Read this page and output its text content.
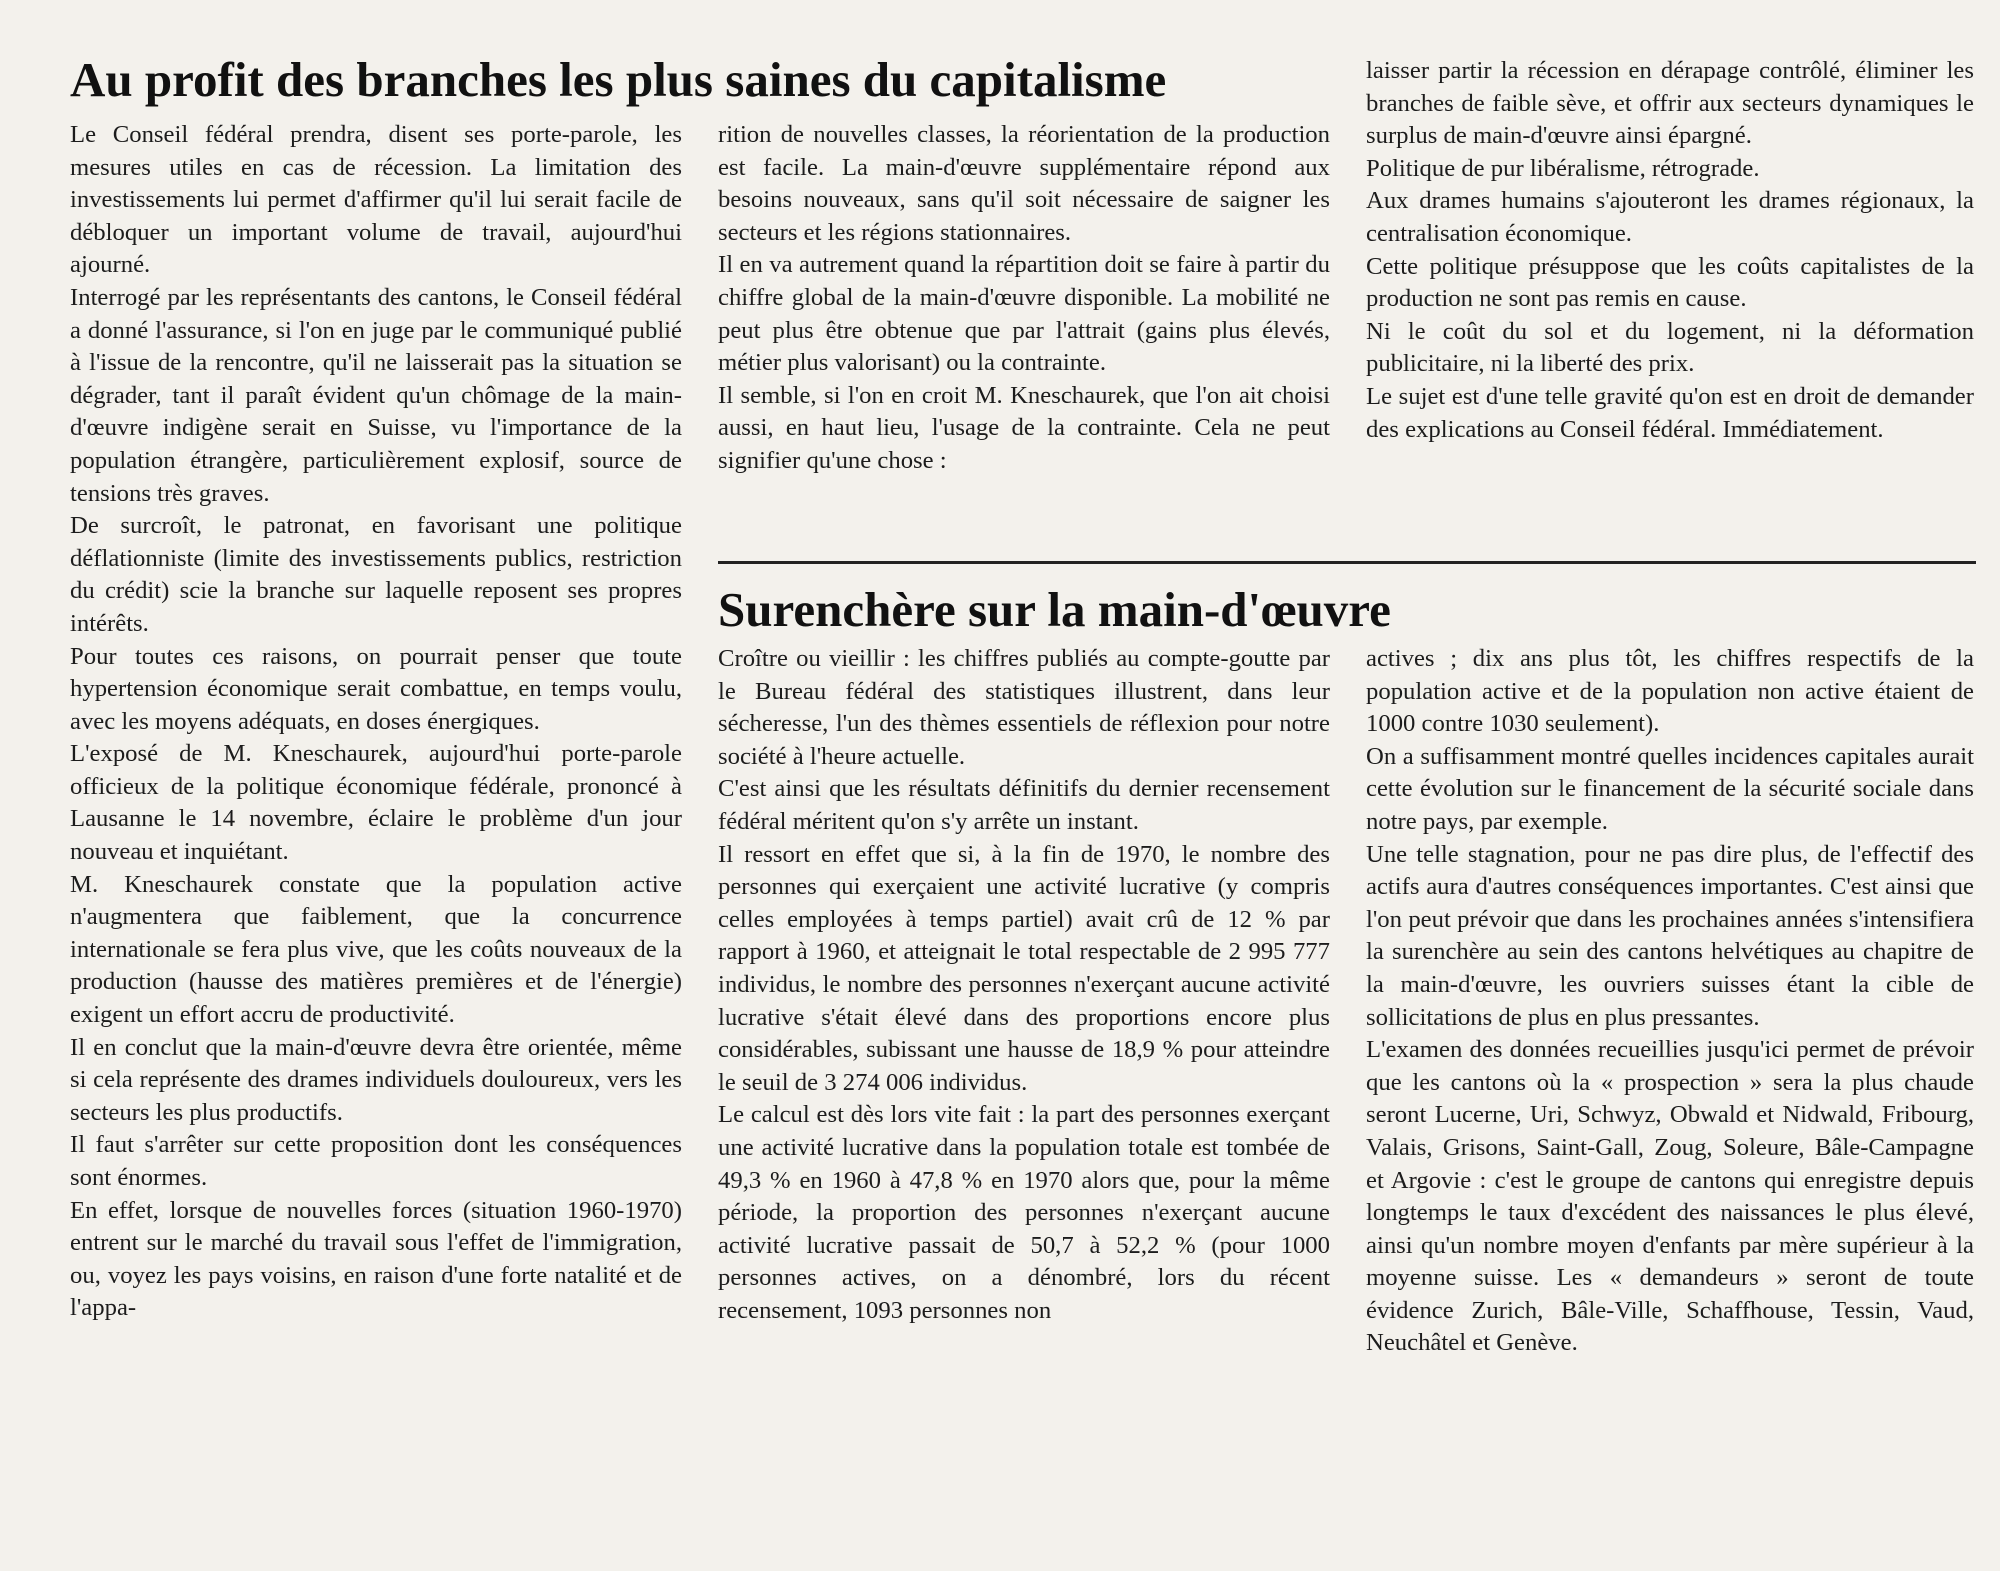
Au profit des branches les plus saines du capitalisme

Le Conseil fédéral prendra, disent ses porte-parole, les mesures utiles en cas de récession. La limitation des investissements lui permet d'affirmer qu'il lui serait facile de débloquer un important volume de travail, aujourd'hui ajourné.

Interrogé par les représentants des cantons, le Conseil fédéral a donné l'assurance, si l'on en juge par le communiqué publié à l'issue de la rencontre, qu'il ne laisserait pas la situation se dégrader, tant il paraît évident qu'un chômage de la main-d'œuvre indigène serait en Suisse, vu l'importance de la population étrangère, particulièrement explosif, source de tensions très graves.

De surcroît, le patronat, en favorisant une politique déflationniste (limite des investissements publics, restriction du crédit) scie la branche sur laquelle reposent ses propres intérêts.

Pour toutes ces raisons, on pourrait penser que toute hypertension économique serait combattue, en temps voulu, avec les moyens adéquats, en doses énergiques.

L'exposé de M. Kneschaurek, aujourd'hui porte-parole officieux de la politique économique fédérale, prononcé à Lausanne le 14 novembre, éclaire le problème d'un jour nouveau et inquiétant.

M. Kneschaurek constate que la population active n'augmentera que faiblement, que la concurrence internationale se fera plus vive, que les coûts nouveaux de la production (hausse des matières premières et de l'énergie) exigent un effort accru de productivité.

Il en conclut que la main-d'œuvre devra être orientée, même si cela représente des drames individuels douloureux, vers les secteurs les plus productifs.

Il faut s'arrêter sur cette proposition dont les conséquences sont énormes.

En effet, lorsque de nouvelles forces (situation 1960-1970) entrent sur le marché du travail sous l'effet de l'immigration, ou, voyez les pays voisins, en raison d'une forte natalité et de l'appa-

rition de nouvelles classes, la réorientation de la production est facile. La main-d'œuvre supplémentaire répond aux besoins nouveaux, sans qu'il soit nécessaire de saigner les secteurs et les régions stationnaires.

Il en va autrement quand la répartition doit se faire à partir du chiffre global de la main-d'œuvre disponible. La mobilité ne peut plus être obtenue que par l'attrait (gains plus élevés, métier plus valorisant) ou la contrainte.

Il semble, si l'on en croit M. Kneschaurek, que l'on ait choisi aussi, en haut lieu, l'usage de la contrainte. Cela ne peut signifier qu'une chose :

laisser partir la récession en dérapage contrôlé, éliminer les branches de faible sève, et offrir aux secteurs dynamiques le surplus de main-d'œuvre ainsi épargné.

Politique de pur libéralisme, rétrograde.

Aux drames humains s'ajouteront les drames régionaux, la centralisation économique.

Cette politique présuppose que les coûts capitalistes de la production ne sont pas remis en cause.

Ni le coût du sol et du logement, ni la déformation publicitaire, ni la liberté des prix.

Le sujet est d'une telle gravité qu'on est en droit de demander des explications au Conseil fédéral. Immédiatement.

Surenchère sur la main-d'œuvre

Croître ou vieillir : les chiffres publiés au compte-goutte par le Bureau fédéral des statistiques illustrent, dans leur sécheresse, l'un des thèmes essentiels de réflexion pour notre société à l'heure actuelle.

C'est ainsi que les résultats définitifs du dernier recensement fédéral méritent qu'on s'y arrête un instant.

Il ressort en effet que si, à la fin de 1970, le nombre des personnes qui exerçaient une activité lucrative (y compris celles employées à temps partiel) avait crû de 12 % par rapport à 1960, et atteignait le total respectable de 2 995 777 individus, le nombre des personnes n'exerçant aucune activité lucrative s'était élevé dans des proportions encore plus considérables, subissant une hausse de 18,9 % pour atteindre le seuil de 3 274 006 individus.

Le calcul est dès lors vite fait : la part des personnes exerçant une activité lucrative dans la population totale est tombée de 49,3 % en 1960 à 47,8 % en 1970 alors que, pour la même période, la proportion des personnes n'exerçant aucune activité lucrative passait de 50,7 à 52,2 % (pour 1000 personnes actives, on a dénombré, lors du récent recensement, 1093 personnes non

actives ; dix ans plus tôt, les chiffres respectifs de la population active et de la population non active étaient de 1000 contre 1030 seulement).

On a suffisamment montré quelles incidences capitales aurait cette évolution sur le financement de la sécurité sociale dans notre pays, par exemple.

Une telle stagnation, pour ne pas dire plus, de l'effectif des actifs aura d'autres conséquences importantes. C'est ainsi que l'on peut prévoir que dans les prochaines années s'intensifiera la surenchère au sein des cantons helvétiques au chapitre de la main-d'œuvre, les ouvriers suisses étant la cible de sollicitations de plus en plus pressantes.

L'examen des données recueillies jusqu'ici permet de prévoir que les cantons où la « prospection » sera la plus chaude seront Lucerne, Uri, Schwyz, Obwald et Nidwald, Fribourg, Valais, Grisons, Saint-Gall, Zoug, Soleure, Bâle-Campagne et Argovie : c'est le groupe de cantons qui enregistre depuis longtemps le taux d'excédent des naissances le plus élevé, ainsi qu'un nombre moyen d'enfants par mère supérieur à la moyenne suisse. Les « demandeurs » seront de toute évidence Zurich, Bâle-Ville, Schaffhouse, Tessin, Vaud, Neuchâtel et Genève.
